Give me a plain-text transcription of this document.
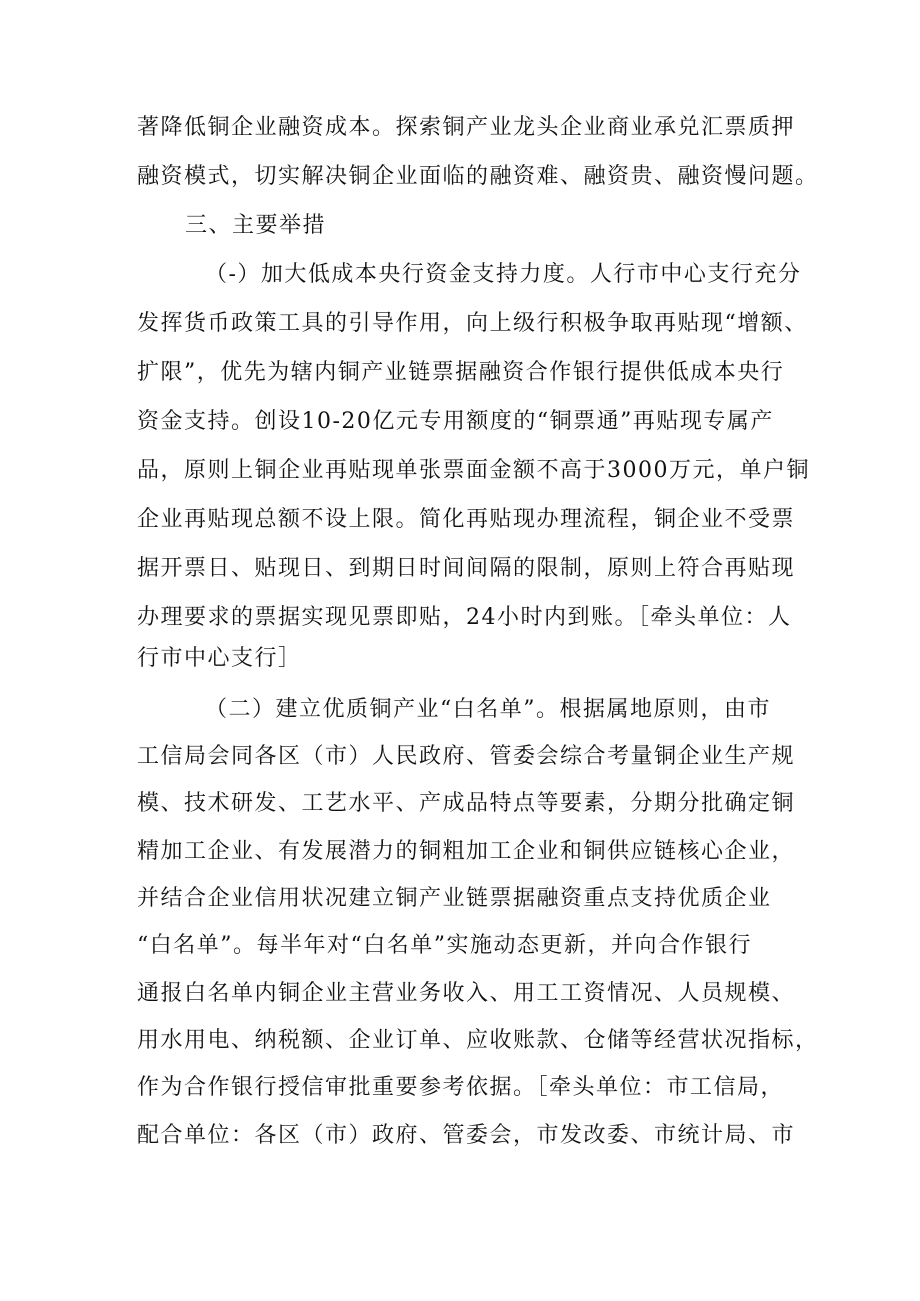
著降低铜企业融资成本。探索铜产业龙头企业商业承兑汇票质押
融资模式，切实解决铜企业面临的融资难、融资贵、融资慢问题。
三、主要举措
（-）加大低成本央行资金支持力度。人行市中心支行充分
发挥货币政策工具的引导作用，向上级行积极争取再贴现“增额、
扩限”，优先为辖内铜产业链票据融资合作银行提供低成本央行
资金支持。创设10-20亿元专用额度的“铜票通”再贴现专属产
品，原则上铜企业再贴现单张票面金额不高于3000万元，单户铜
企业再贴现总额不设上限。简化再贴现办理流程，铜企业不受票
据开票日、贴现日、到期日时间间隔的限制，原则上符合再贴现
办理要求的票据实现见票即贴，24小时内到账。［牵头单位：人
行市中心支行］
（二）建立优质铜产业“白名单”。根据属地原则，由市
工信局会同各区（市）人民政府、管委会综合考量铜企业生产规
模、技术研发、工艺水平、产成品特点等要素，分期分批确定铜
精加工企业、有发展潜力的铜粗加工企业和铜供应链核心企业，
并结合企业信用状况建立铜产业链票据融资重点支持优质企业
“白名单”。每半年对“白名单”实施动态更新，并向合作银行
通报白名单内铜企业主营业务收入、用工工资情况、人员规模、
用水用电、纳税额、企业订单、应收账款、仓储等经营状况指标，
作为合作银行授信审批重要参考依据。［牵头单位：市工信局，
配合单位：各区（市）政府、管委会，市发改委、市统计局、市
